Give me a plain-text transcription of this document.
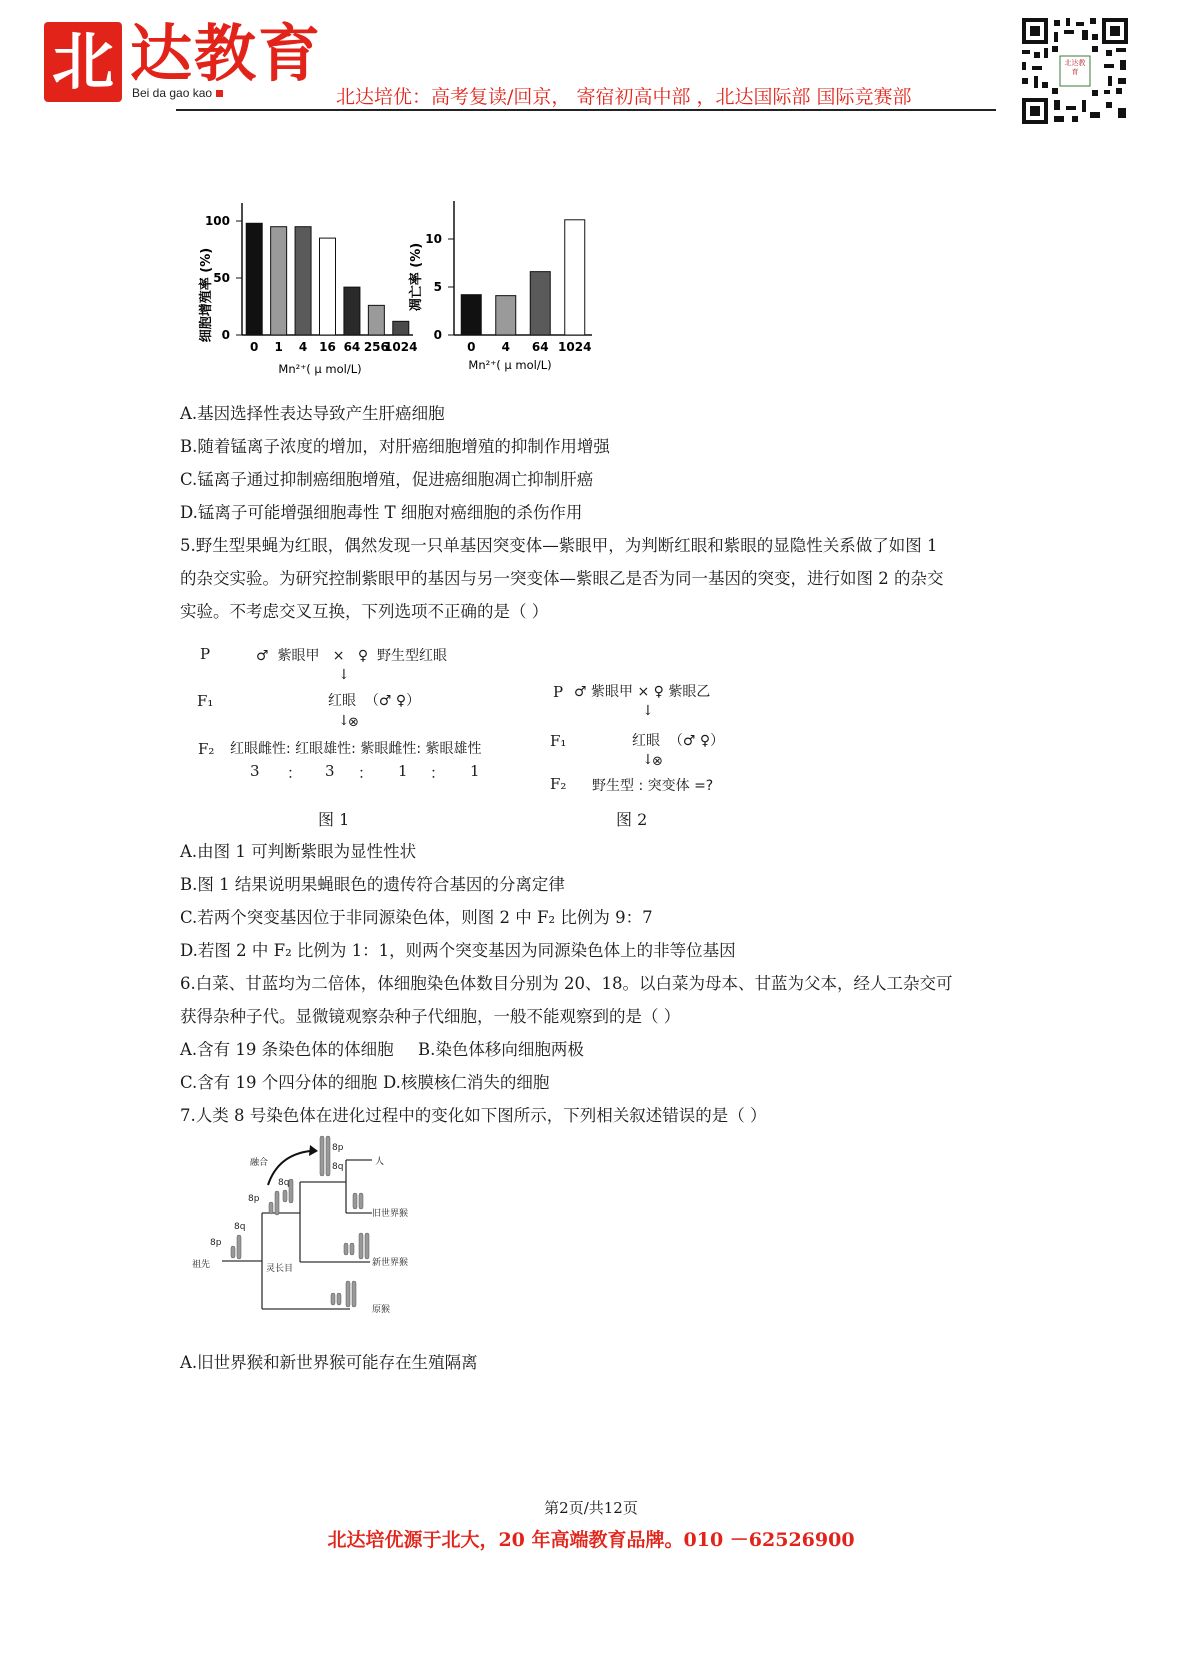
北 达教育
Bei da gao kao	北达培优：高考复读/回京， 寄宿初高中部 ，北达国际部 国际竞赛部
北达教育
细胞增殖率 (%)
100
50
0
0 1 4 16 64 256
1024
Mn²⁺( μ mol/L)
凋亡率 (%)
10
5
0
0 4 64 1024
Mn²⁺( μ mol/L)
A.基因选择性表达导致产生肝癌细胞
B.随着锰离子浓度的增加，对肝癌细胞增殖的抑制作用增强
C.锰离子通过抑制癌细胞增殖，促进癌细胞凋亡抑制肝癌
D.锰离子可能增强细胞毒性 T 细胞对癌细胞的杀伤作用
5.野生型果蝇为红眼，偶然发现一只单基因突变体—紫眼甲，为判断红眼和紫眼的显隐性关系做了如图 1
的杂交实验。为研究控制紫眼甲的基因与另一突变体—紫眼乙是否为同一基因的突变，进行如图 2 的杂交
实验。不考虑交叉互换，下列选项不正确的是（ ）
P	♂  紫眼甲   ×   ♀  野生型红眼
↓
F₁	红眼  （♂ ♀）
↓
⊗
F₂ 红眼雌性: 红眼雄性: 紫眼雌性: 紫眼雄性
3 ： 3 ： 1 ： 1
图 1
P ♂ 紫眼甲 × ♀ 紫眼乙
↓
F₁	红眼  （♂ ♀）
↓
⊗
F₂ 野生型 : 突变体 =?
图 2
A.由图 1 可判断紫眼为显性性状
B.图 1 结果说明果蝇眼色的遗传符合基因的分离定律
C.若两个突变基因位于非同源染色体，则图 2 中 F₂ 比例为 9：7
D.若图 2 中 F₂ 比例为 1：1，则两个突变基因为同源染色体上的非等位基因
6.白菜、甘蓝均为二倍体，体细胞染色体数目分别为 20、18。以白菜为母本、甘蓝为父本，经人工杂交可
获得杂种子代。显微镜观察杂种子代细胞，一般不能观察到的是（ ）
A.含有 19 条染色体的体细胞 B.染色体移向细胞两极
C.含有 19 个四分体的细胞 D.核膜核仁消失的细胞
7.人类 8 号染色体在进化过程中的变化如下图所示，下列相关叙述错误的是（ ）
祖先	灵长目
融合	人
旧世界猴
新世界猴
原猴
8p
8q
8p
8q
8p
8q
A.旧世界猴和新世界猴可能存在生殖隔离
第2页/共12页
北达培优源于北大，20 年高端教育品牌。010 －62526900
